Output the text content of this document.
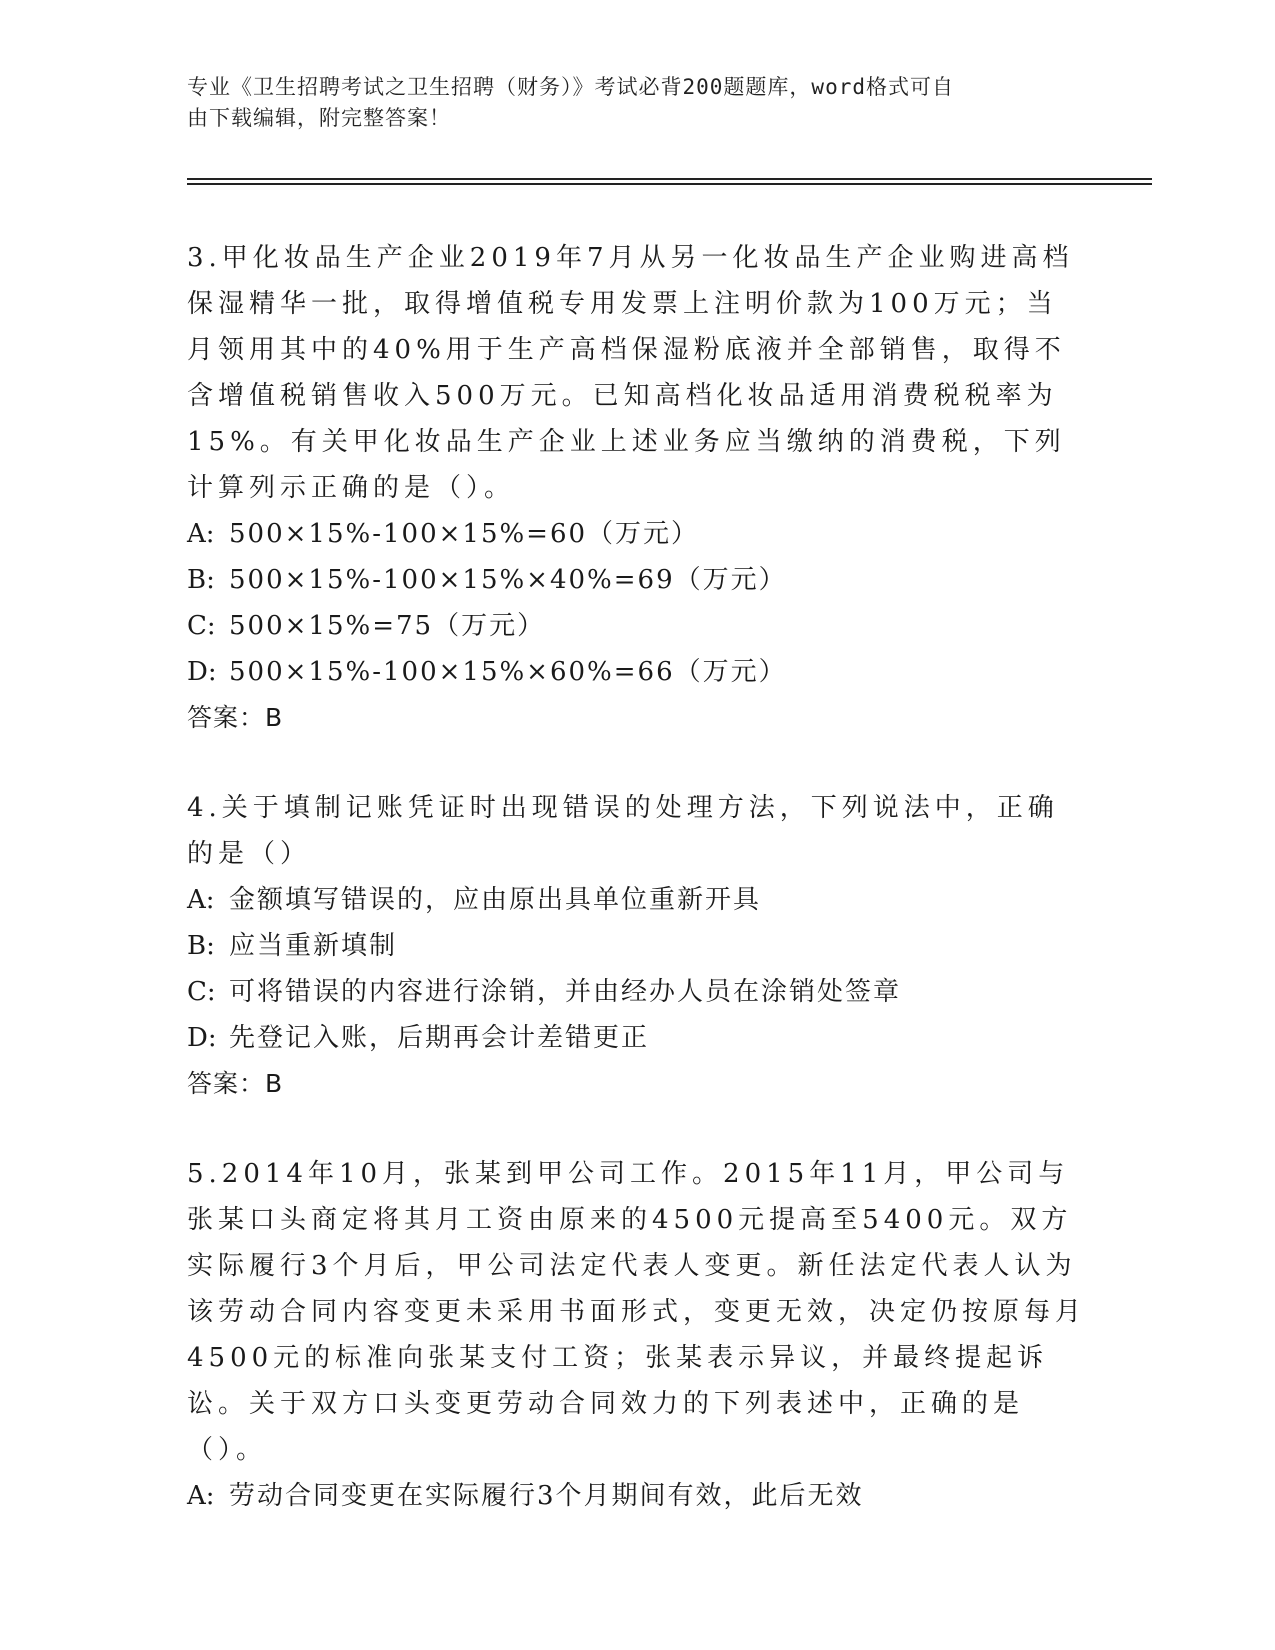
专业《卫生招聘考试之卫生招聘（财务）》考试必背200题题库，word格式可自
由下载编辑，附完整答案！

3.甲化妆品生产企业2019年7月从另一化妆品生产企业购进高档保湿精华一批，取得增值税专用发票上注明价款为100万元；当月领用其中的40%用于生产高档保湿粉底液并全部销售，取得不含增值税销售收入500万元。已知高档化妆品适用消费税税率为15%。有关甲化妆品生产企业上述业务应当缴纳的消费税，下列计算列示正确的是（）。

A: 500×15%-100×15%=60（万元）

B: 500×15%-100×15%×40%=69（万元）

C: 500×15%=75（万元）

D: 500×15%-100×15%×60%=66（万元）

答案：B

4.关于填制记账凭证时出现错误的处理方法，下列说法中，正确的是（）

A: 金额填写错误的，应由原出具单位重新开具

B: 应当重新填制

C: 可将错误的内容进行涂销，并由经办人员在涂销处签章

D: 先登记入账，后期再会计差错更正

答案：B

5.2014年10月，张某到甲公司工作。2015年11月，甲公司与张某口头商定将其月工资由原来的4500元提高至5400元。双方实际履行3个月后，甲公司法定代表人变更。新任法定代表人认为该劳动合同内容变更未采用书面形式，变更无效，决定仍按原每月4500元的标准向张某支付工资；张某表示异议，并最终提起诉讼。关于双方口头变更劳动合同效力的下列表述中，正确的是（）。

A: 劳动合同变更在实际履行3个月期间有效，此后无效
